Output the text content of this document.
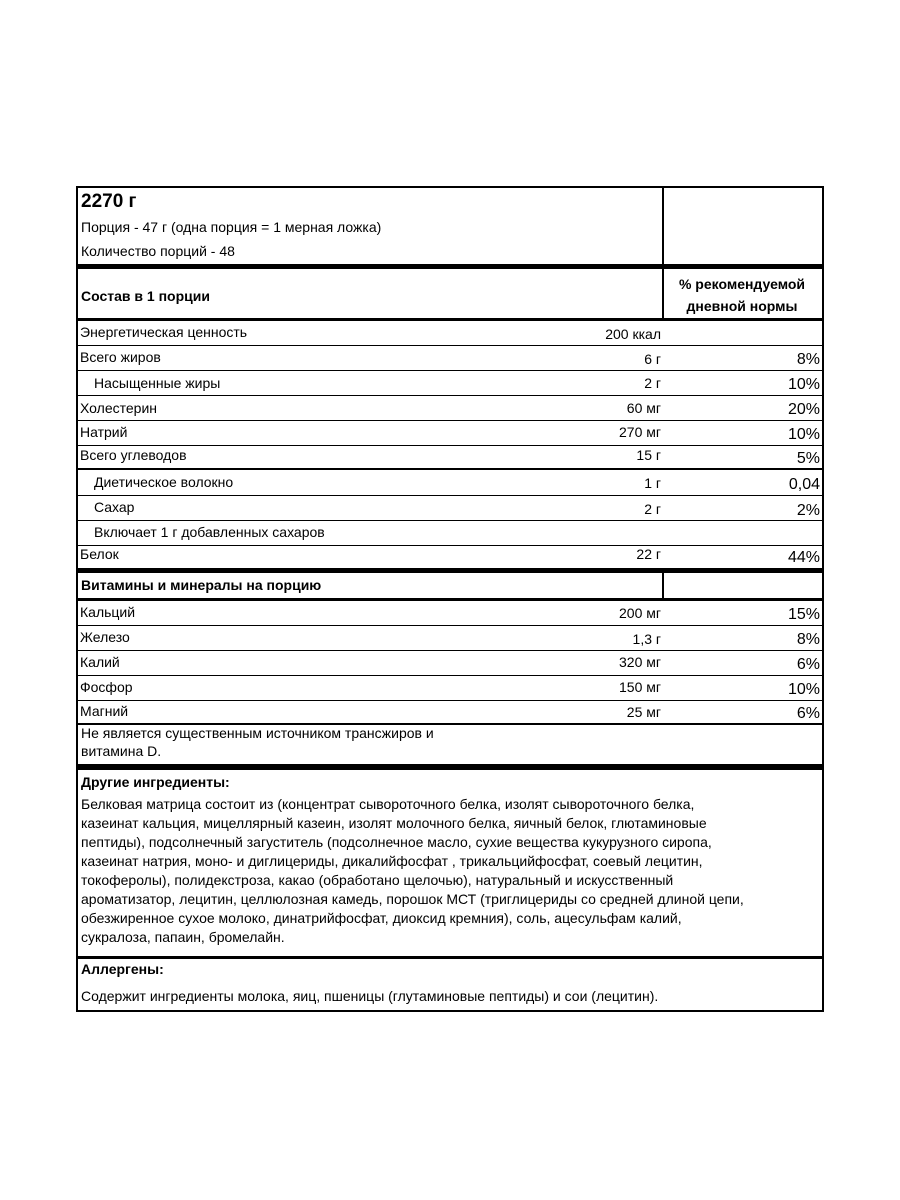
2270 г
Порция - 47 г (одна порция = 1 мерная ложка)
Количество порций - 48
Состав в 1 порции
% рекомендуемой
дневной нормы
Энергетическая ценность	200 ккал
Всего жиров	6 г	8%
Насыщенные жиры	2 г	10%
Холестерин	60 мг	20%
Натрий	270 мг	10%
Всего углеводов	15 г	5%
Диетическое волокно	1 г	0,04
Сахар	2 г	2%
Включает 1 г добавленных сахаров
Белок	22 г	44%
Витамины и минералы на порцию
Кальций	200 мг	15%
Железо	1,3 г	8%
Калий	320 мг	6%
Фосфор	150 мг	10%
Магний	25 мг	6%
Не является существенным источником трансжиров и
витамина D.
Другие ингредиенты:
Белковая матрица состоит из (концентрат сывороточного белка, изолят сывороточного белка,
казеинат кальция, мицеллярный казеин, изолят молочного белка, яичный белок, глютаминовые
пептиды), подсолнечный загуститель (подсолнечное масло, сухие вещества кукурузного сиропа,
казеинат натрия, моно- и диглицериды, дикалийфосфат , трикальцийфосфат, соевый лецитин,
токоферолы), полидекстроза, какао (обработано щелочью), натуральный и искусственный
ароматизатор, лецитин, целлюлозная камедь, порошок МСТ (триглицериды со средней длиной цепи,
обезжиренное сухое молоко, динатрийфосфат, диоксид кремния), соль, ацесульфам калий,
сукралоза, папаин, бромелайн.
Аллергены:
Содержит ингредиенты молока, яиц, пшеницы (глутаминовые пептиды) и сои (лецитин).
